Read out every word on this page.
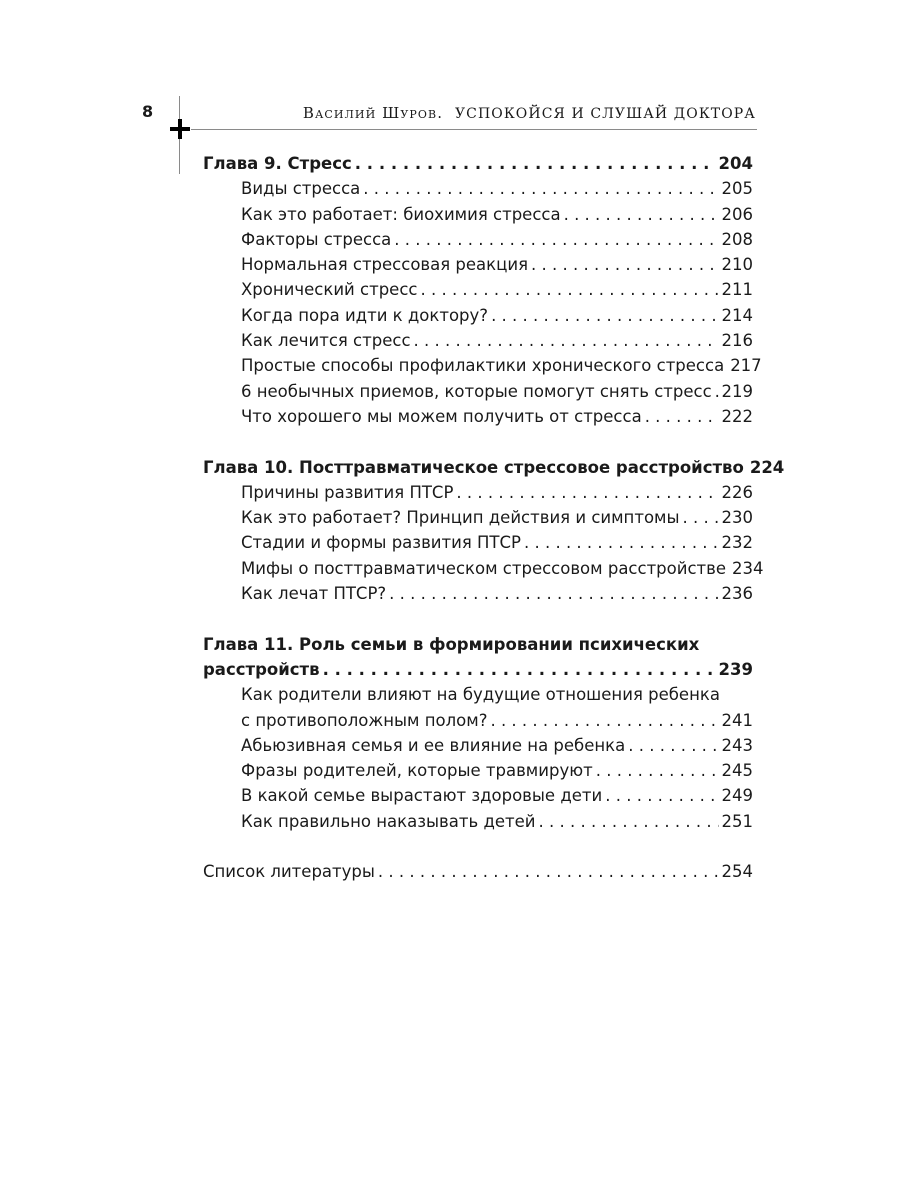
8	Василий Шуров. УСПОКОЙСЯ И СЛУШАЙ ДОКТОРА
Глава 9. Стресс . . .	204
Виды стресса . . .	205
Как это работает: биохимия стресса . . .	206
Факторы стресса . . .	208
Нормальная стрессовая реакция . . .	210
Хронический стресс . . .	211
Когда пора идти к доктору? . . .	214
Как лечится стресс . . .	216
Простые способы профилактики хронического стресса 217
6 необычных приемов, которые помогут снять стресс . . . 219
Что хорошего мы можем получить от стресса . . .	222
Глава 10. Посттравматическое стрессовое расстройство 224
Причины развития ПТСР . . .	226
Как это работает? Принцип действия и симптомы . . .	230
Стадии и формы развития ПТСР . . .	232
Мифы о посттравматическом стрессовом расстройстве 234
Как лечат ПТСР? . . .	236
Глава 11. Роль семьи в формировании психических
расстройств . . .	239
Как родители влияют на будущие отношения ребенка
с противоположным полом? . . .	241
Абьюзивная семья и ее влияние на ребенка . . .	243
Фразы родителей, которые травмируют . . .	245
В какой семье вырастают здоровые дети . . .	249
Как правильно наказывать детей . . .	251
Список литературы . . .	254
